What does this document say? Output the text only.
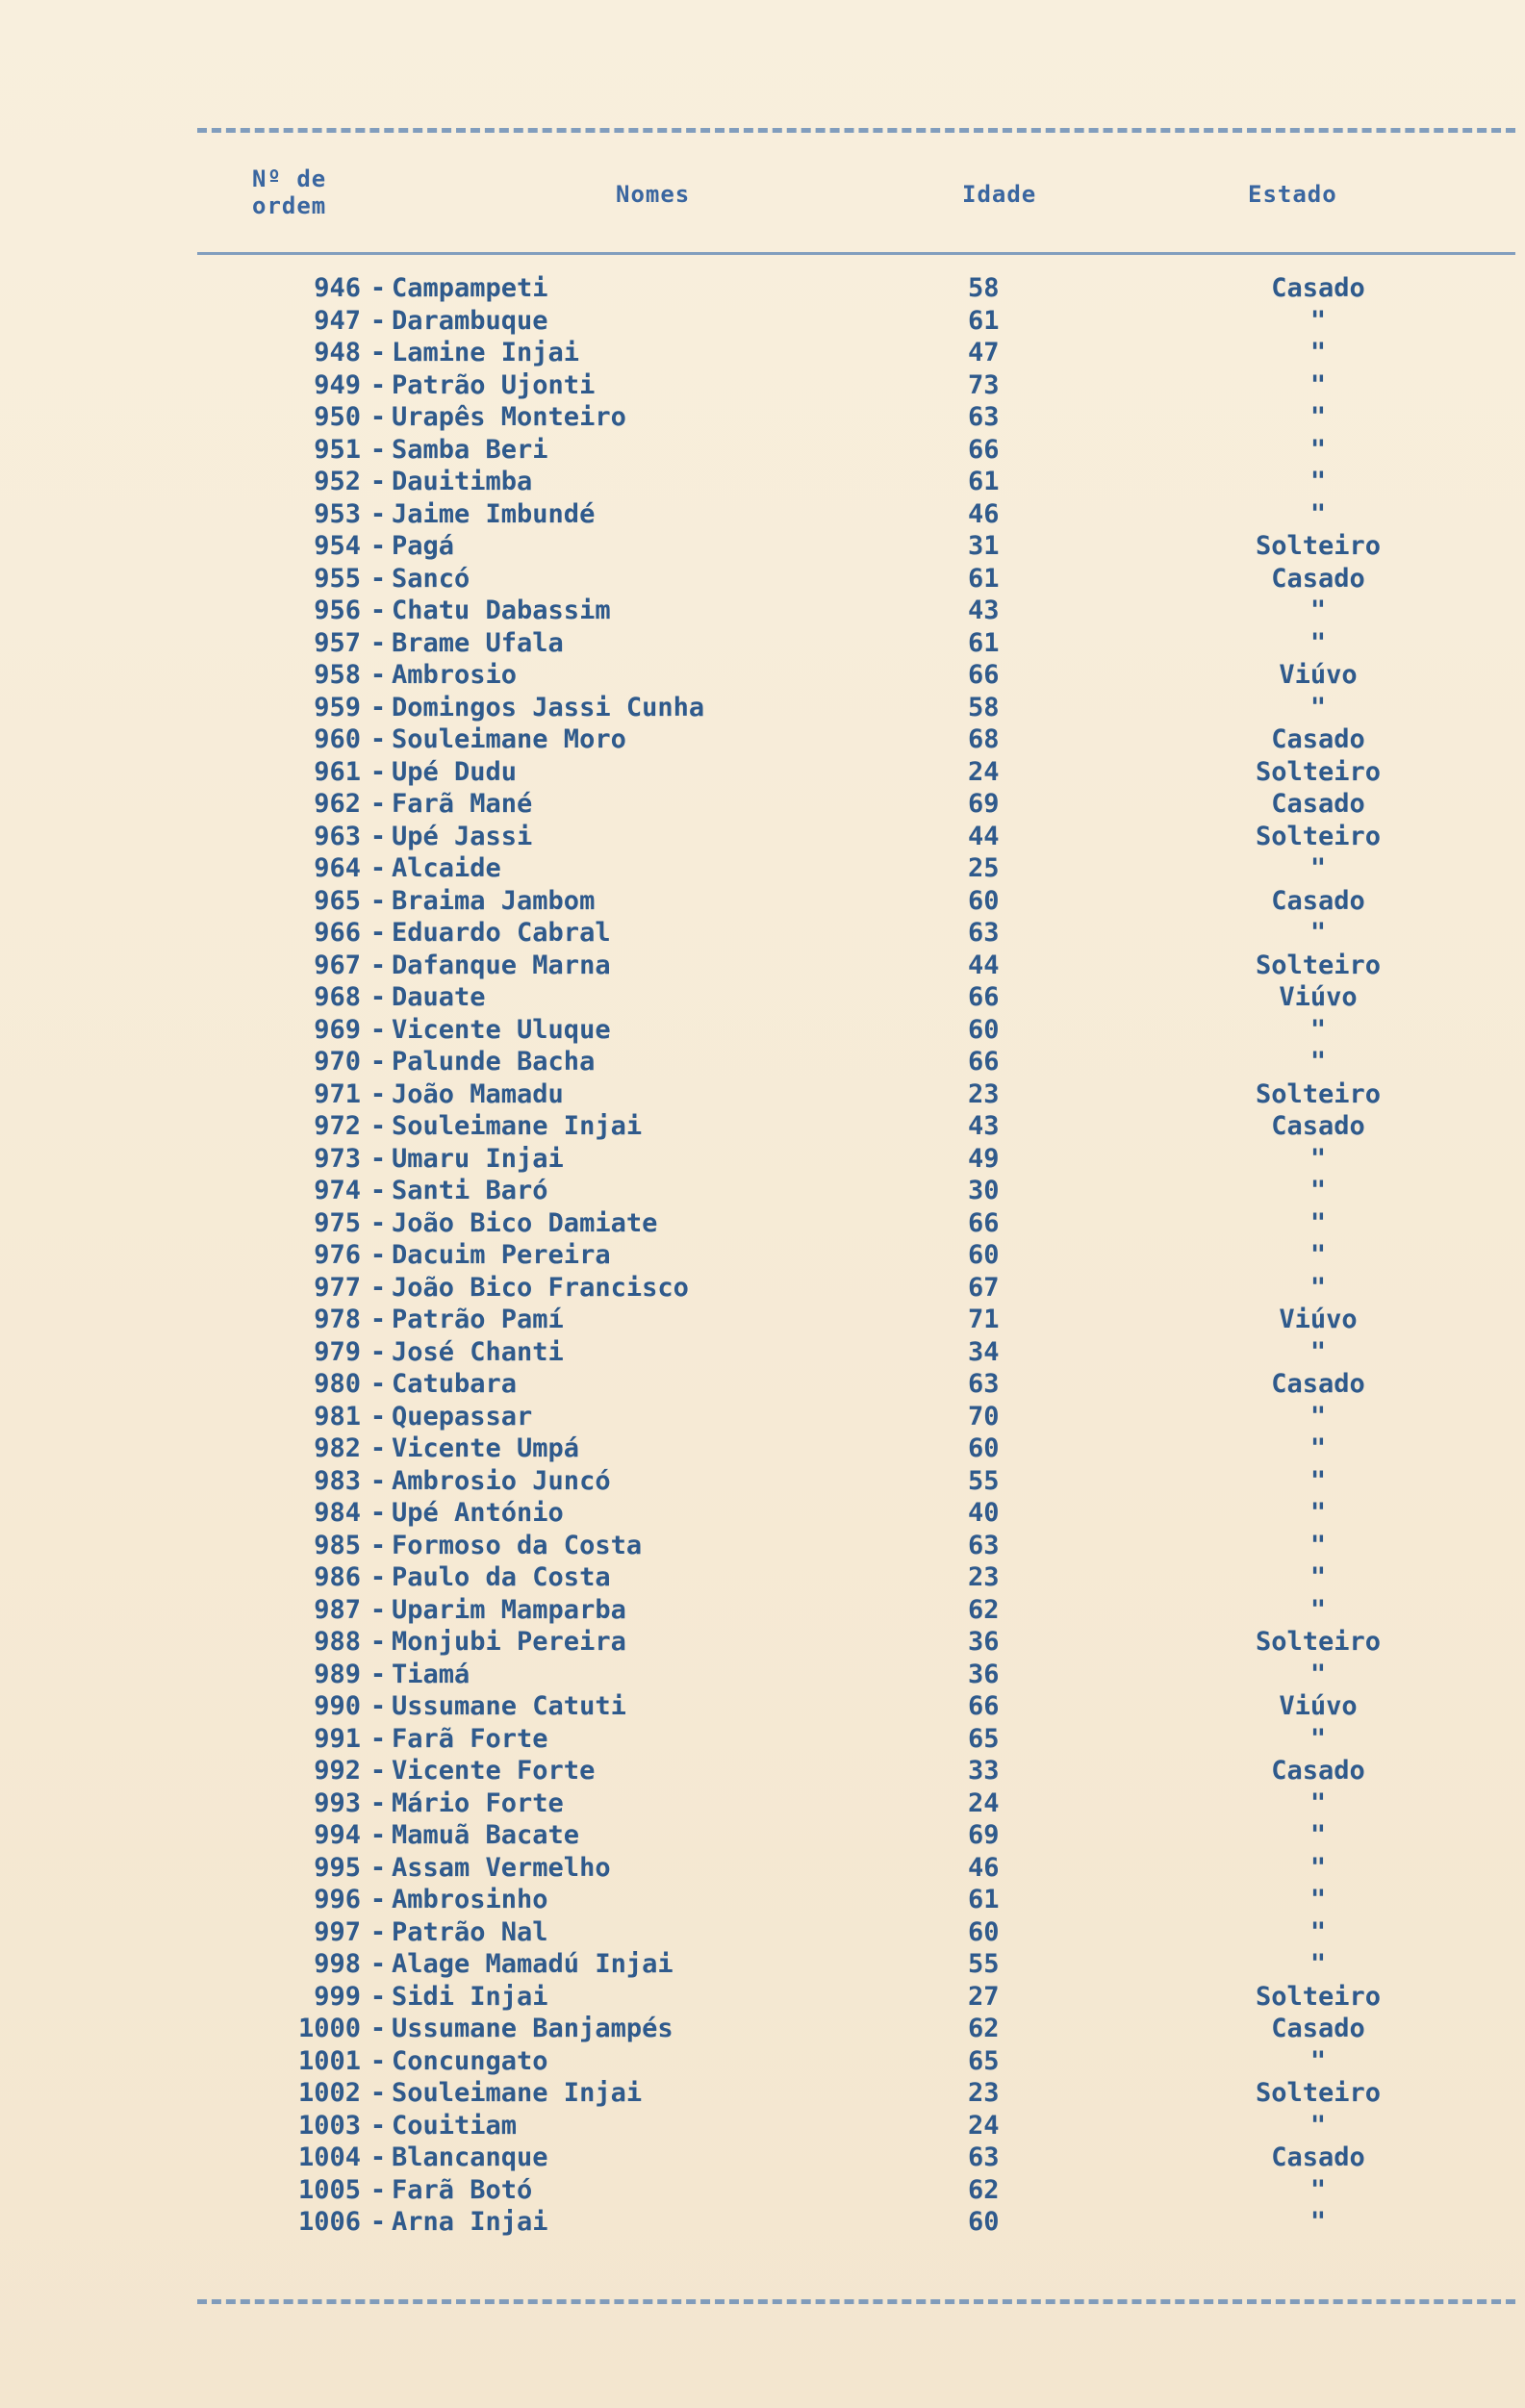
Nº de
ordem	Nomes	Idade	Estado
946 - Campampeti	58	Casado
947 - Darambuque	61	"
948 - Lamine Injai	47	"
949 - Patrão Ujonti	73	"
950 - Urapês Monteiro	63	"
951 - Samba Beri	66	"
952 - Dauitimba	61	"
953 - Jaime Imbundé	46	"
954 - Pagá	31	Solteiro
955 - Sancó	61	Casado
956 - Chatu Dabassim	43	"
957 - Brame Ufala	61	"
958 - Ambrosio	66	Viúvo
959 - Domingos Jassi Cunha	58	"
960 - Souleimane Moro	68	Casado
961 - Upé Dudu	24	Solteiro
962 - Farã Mané	69	Casado
963 - Upé Jassi	44	Solteiro
964 - Alcaide	25	"
965 - Braima Jambom	60	Casado
966 - Eduardo Cabral	63	"
967 - Dafanque Marna	44	Solteiro
968 - Dauate	66	Viúvo
969 - Vicente Uluque	60	"
970 - Palunde Bacha	66	"
971 - João Mamadu	23	Solteiro
972 - Souleimane Injai	43	Casado
973 - Umaru Injai	49	"
974 - Santi Baró	30	"
975 - João Bico Damiate	66	"
976 - Dacuim Pereira	60	"
977 - João Bico Francisco	67	"
978 - Patrão Pamí	71	Viúvo
979 - José Chanti	34	"
980 - Catubara	63	Casado
981 - Quepassar	70	"
982 - Vicente Umpá	60	"
983 - Ambrosio Juncó	55	"
984 - Upé António	40	"
985 - Formoso da Costa	63	"
986 - Paulo da Costa	23	"
987 - Uparim Mamparba	62	"
988 - Monjubi Pereira	36	Solteiro
989 - Tiamá	36	"
990 - Ussumane Catuti	66	Viúvo
991 - Farã Forte	65	"
992 - Vicente Forte	33	Casado
993 - Mário Forte	24	"
994 - Mamuã Bacate	69	"
995 - Assam Vermelho	46	"
996 - Ambrosinho	61	"
997 - Patrão Nal	60	"
998 - Alage Mamadú Injai	55	"
999 - Sidi Injai	27	Solteiro
1000 - Ussumane Banjampés	62	Casado
1001 - Concungato	65	"
1002 - Souleimane Injai	23	Solteiro
1003 - Couitiam	24	"
1004 - Blancanque	63	Casado
1005 - Farã Botó	62	"
1006 - Arna Injai	60	"
